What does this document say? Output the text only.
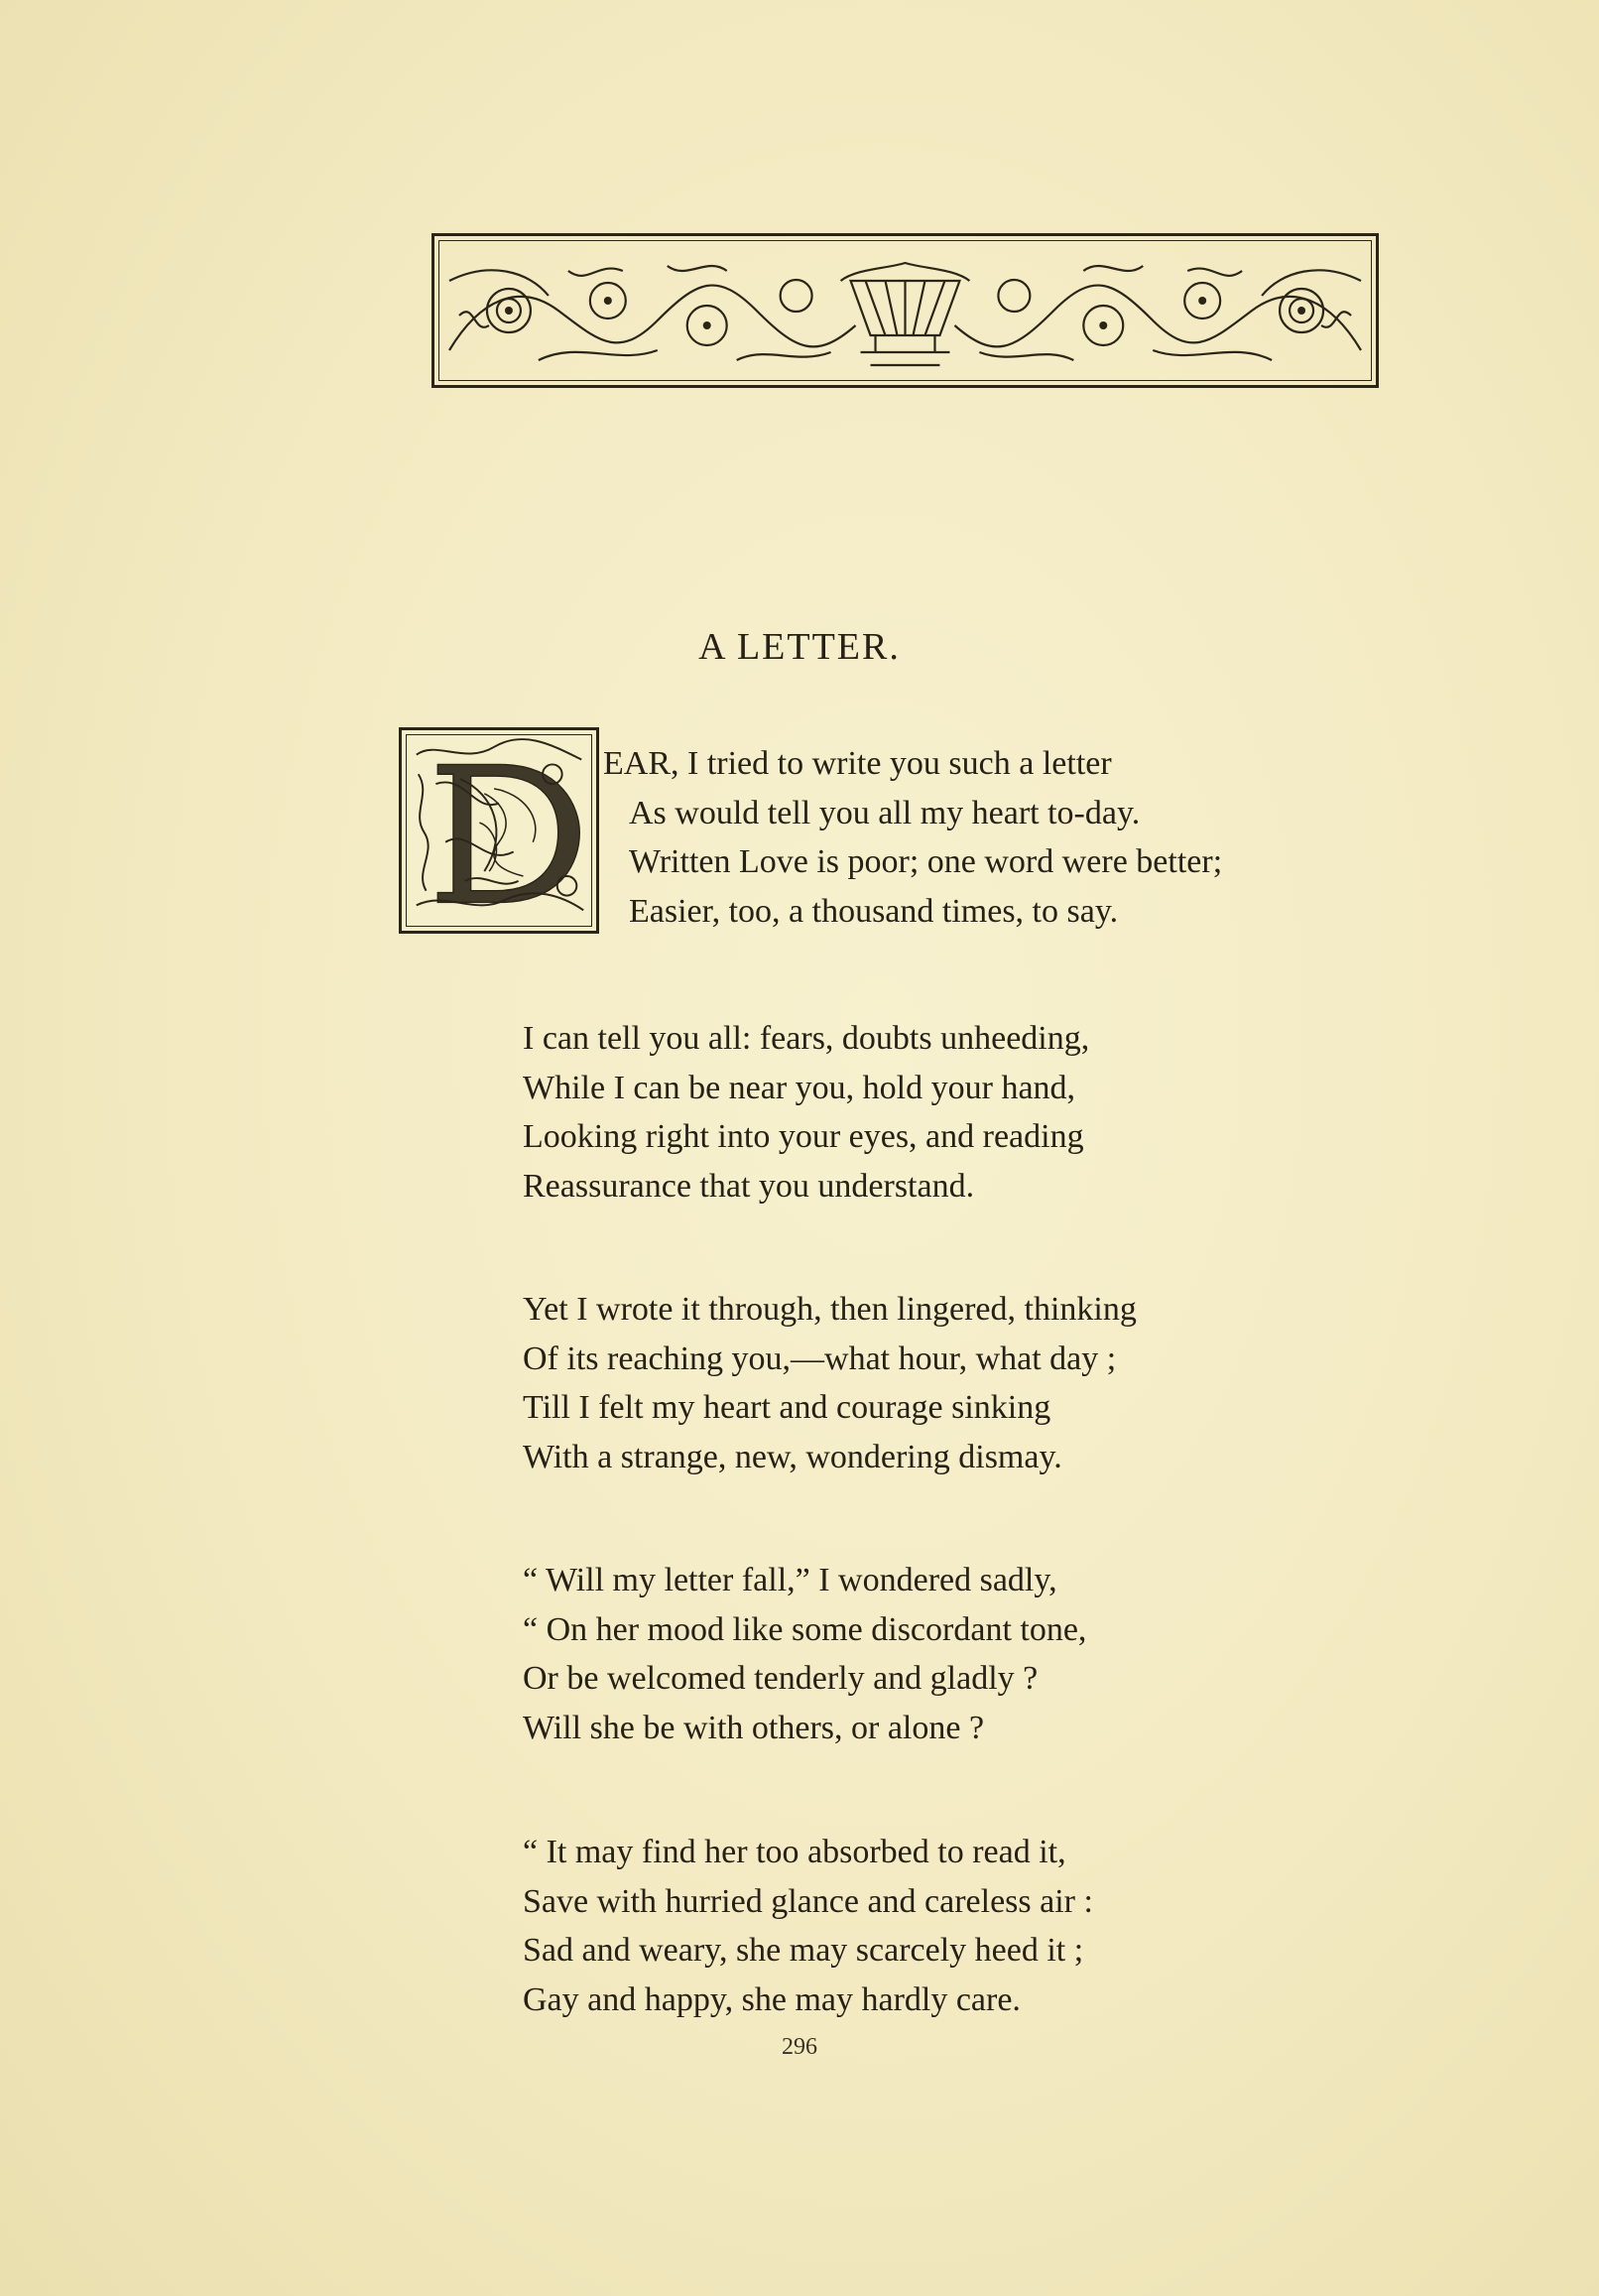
A LETTER.
EAR, I tried to write you such a letter
As would tell you all my heart to-day.
Written Love is poor; one word were better;
Easier, too, a thousand times, to say.
I can tell you all: fears, doubts unheeding,
While I can be near you, hold your hand,
Looking right into your eyes, and reading
Reassurance that you understand.
Yet I wrote it through, then lingered, thinking
Of its reaching you,—what hour, what day ;
Till I felt my heart and courage sinking
With a strange, new, wondering dismay.
“ Will my letter fall,” I wondered sadly,
“ On her mood like some discordant tone,
Or be welcomed tenderly and gladly ?
Will she be with others, or alone ?
“ It may find her too absorbed to read it,
Save with hurried glance and careless air :
Sad and weary, she may scarcely heed it ;
Gay and happy, she may hardly care.
296
